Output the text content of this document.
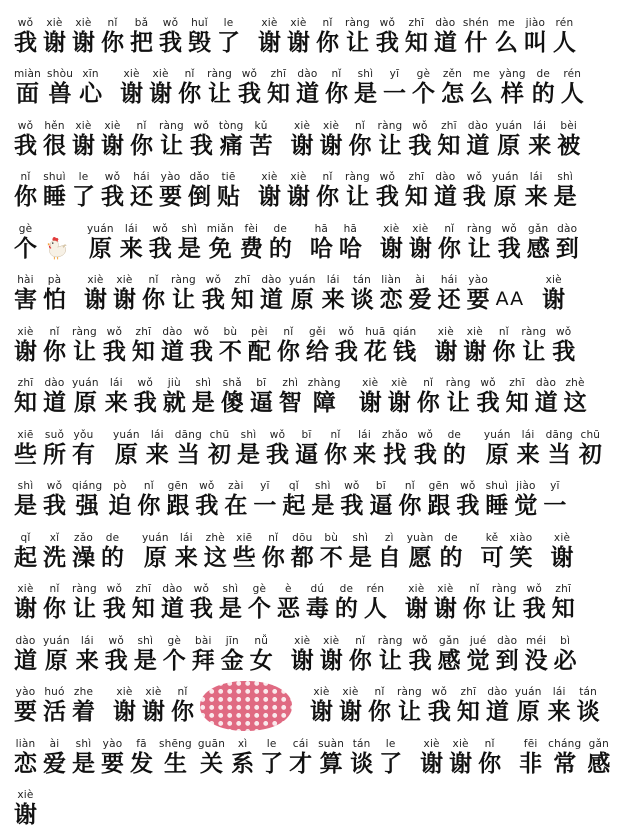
wǒ
我
xiè
谢
xiè
谢
nǐ
你
bǎ
把
wǒ
我
huǐ
毁
le
了
xiè
谢
xiè
谢
nǐ
你
ràng
让
wǒ
我
zhī
知
dào
道
shén
什
me
么
jiào
叫
rén
人
miàn
面
shòu
兽
xīn
心
xiè
谢
xiè
谢
nǐ
你
ràng
让
wǒ
我
zhī
知
dào
道
nǐ
你
shì
是
yī
一
gè
个
zěn
怎
me
么
yàng
样
de
的
rén
人
wǒ
我
hěn
很
xiè
谢
xiè
谢
nǐ
你
ràng
让
wǒ
我
tòng
痛
kǔ
苦
xiè
谢
xiè
谢
nǐ
你
ràng
让
wǒ
我
zhī
知
dào
道
yuán
原
lái
来
bèi
被
nǐ
你
shuì
睡
le
了
wǒ
我
hái
还
yào
要
dǎo
倒
tiē
贴
xiè
谢
xiè
谢
nǐ
你
ràng
让
wǒ
我
zhī
知
dào
道
wǒ
我
yuán
原
lái
来
shì
是
gè
个

yuán
原
lái
来
wǒ
我
shì
是
miǎn
免
fèi
费
de
的
hā
哈
hā
哈
xiè
谢
xiè
谢
nǐ
你
ràng
让
wǒ
我
gǎn
感
dào
到
hài
害
pà
怕
xiè
谢
xiè
谢
nǐ
你
ràng
让
wǒ
我
zhī
知
dào
道
yuán
原
lái
来
tán
谈
liàn
恋
ài
爱
hái
还
yào
要
AA
xiè
谢
xiè
谢
nǐ
你
ràng
让
wǒ
我
zhī
知
dào
道
wǒ
我
bù
不
pèi
配
nǐ
你
gěi
给
wǒ
我
huā
花
qián
钱
xiè
谢
xiè
谢
nǐ
你
ràng
让
wǒ
我
zhī
知
dào
道
yuán
原
lái
来
wǒ
我
jiù
就
shì
是
shǎ
傻
bī
逼
zhì
智
zhàng
障
xiè
谢
xiè
谢
nǐ
你
ràng
让
wǒ
我
zhī
知
dào
道
zhè
这
xiē
些
suǒ
所
yǒu
有
yuán
原
lái
来
dāng
当
chū
初
shì
是
wǒ
我
bī
逼
nǐ
你
lái
来
zhǎo
找
wǒ
我
de
的
yuán
原
lái
来
dāng
当
chū
初
shì
是
wǒ
我
qiáng
强
pò
迫
nǐ
你
gēn
跟
wǒ
我
zài
在
yī
一
qǐ
起
shì
是
wǒ
我
bī
逼
nǐ
你
gēn
跟
wǒ
我
shuì
睡
jiào
觉
yī
一
qǐ
起
xǐ
洗
zǎo
澡
de
的
yuán
原
lái
来
zhè
这
xiē
些
nǐ
你
dōu
都
bù
不
shì
是
zì
自
yuàn
愿
de
的
kě
可
xiào
笑
xiè
谢
xiè
谢
nǐ
你
ràng
让
wǒ
我
zhī
知
dào
道
wǒ
我
shì
是
gè
个
è
恶
dú
毒
de
的
rén
人
xiè
谢
xiè
谢
nǐ
你
ràng
让
wǒ
我
zhī
知
dào
道
yuán
原
lái
来
wǒ
我
shì
是
gè
个
bài
拜
jīn
金
nǚ
女
xiè
谢
xiè
谢
nǐ
你
ràng
让
wǒ
我
gǎn
感
jué
觉
dào
到
méi
没
bì
必
yào
要
huó
活
zhe
着
xiè
谢
xiè
谢
nǐ
你
xiè
谢
xiè
谢
nǐ
你
ràng
让
wǒ
我
zhī
知
dào
道
yuán
原
lái
来
tán
谈
liàn
恋
ài
爱
shì
是
yào
要
fā
发
shēng
生
guān
关
xì
系
le
了
cái
才
suàn
算
tán
谈
le
了
xiè
谢
xiè
谢
nǐ
你
fēi
非
cháng
常
gǎn
感
xiè
谢
